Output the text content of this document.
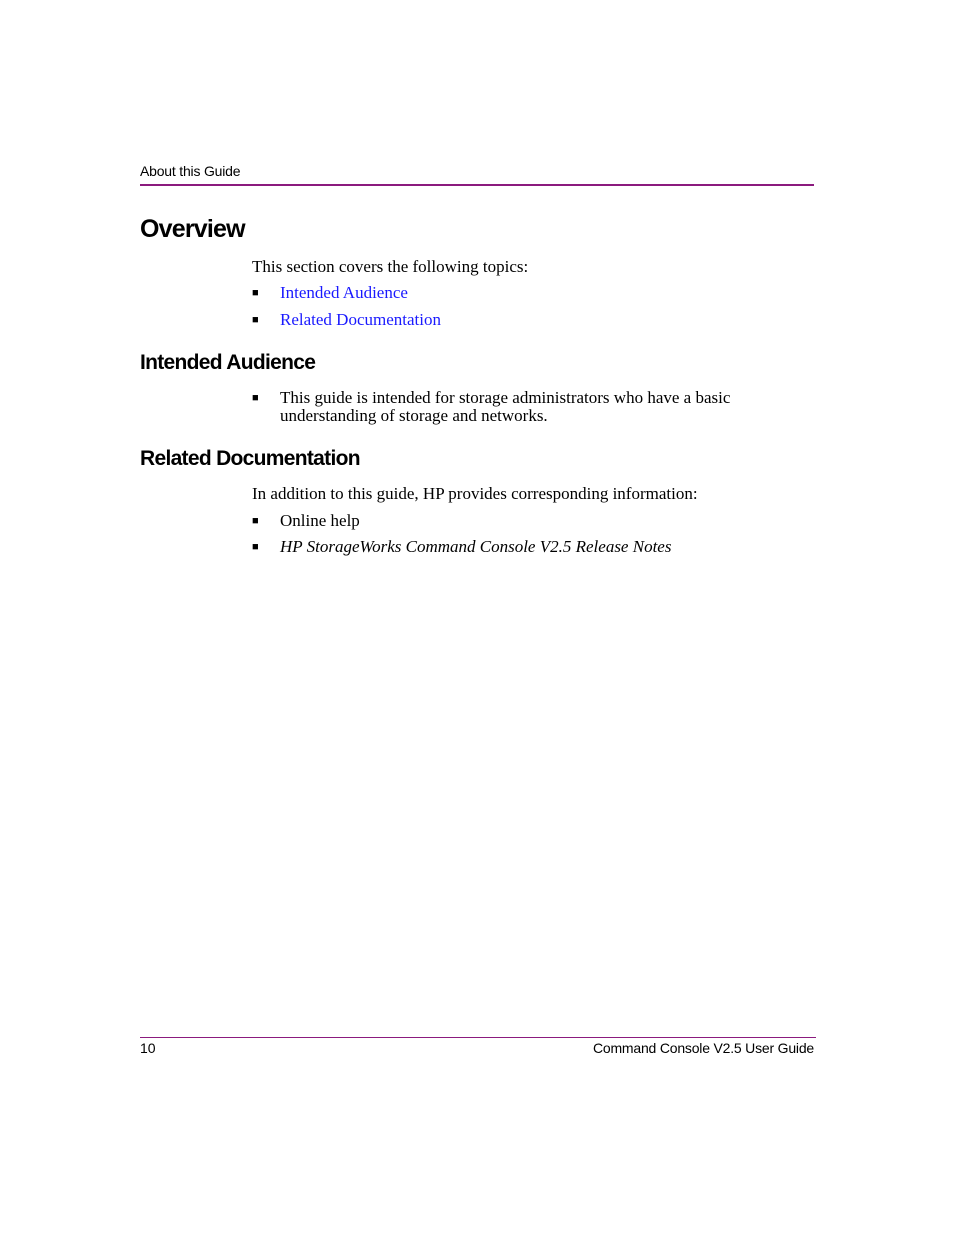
About this Guide
Overview
This section covers the following topics:
■ Intended Audience
■ Related Documentation
Intended Audience
■ This guide is intended for storage administrators who have a basic
understanding of storage and networks.
Related Documentation
In addition to this guide, HP provides corresponding information:
■ Online help
■ HP StorageWorks Command Console V2.5 Release Notes
10	Command Console V2.5 User Guide
